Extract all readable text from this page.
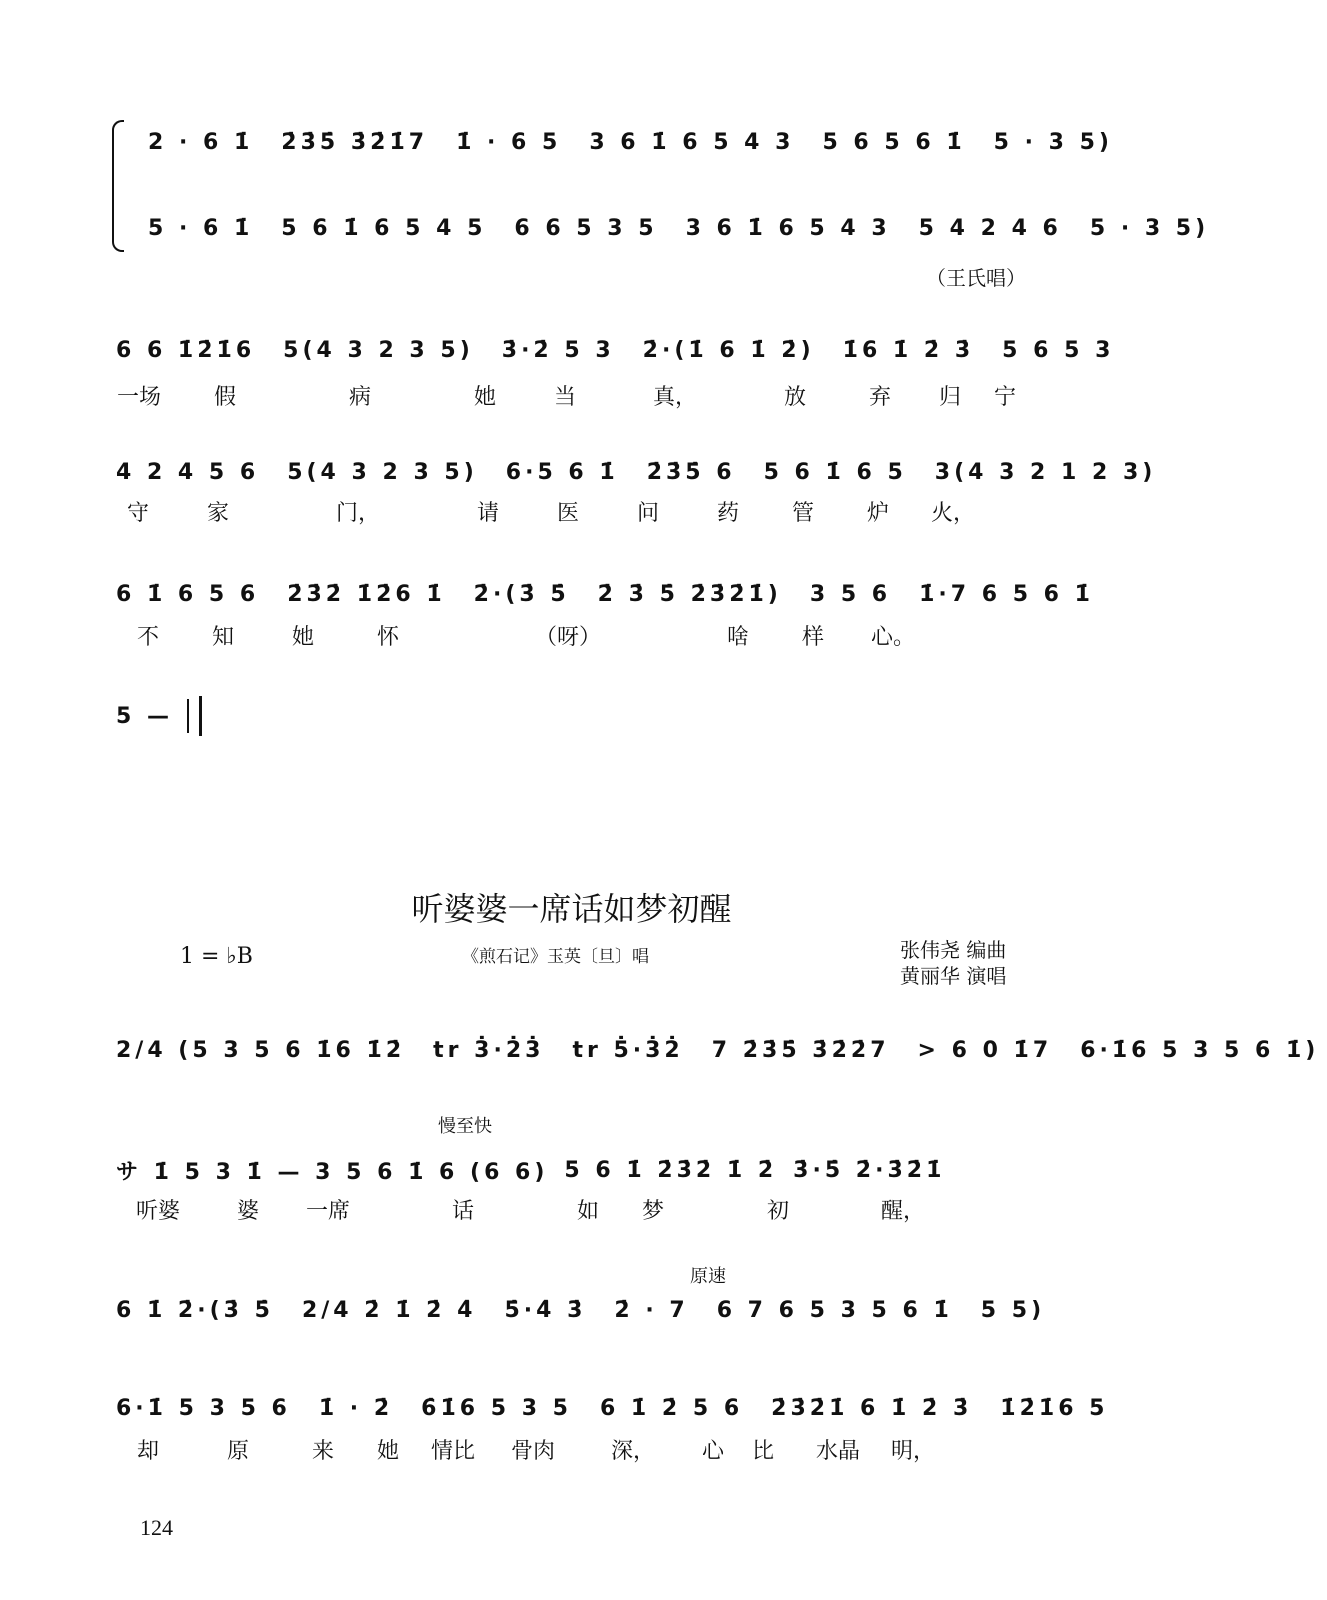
2 · 6 1̇	2̇3̇5̇ 3̇2̇1̇7	1̇ · 6 5	3 6 1̇ 6 5 4 3	5 6 5 6 1̇	5 · 3 5)
5 · 6 1̇	5 6 1̇ 6 5 4 5	6 6 5 3 5	3 6 1̇ 6 5 4 3	5 4 2 4 6	5 · 3 5)
（王氏唱）
6 6 1̇2̇1̇6	5(4 3 2 3 5)	3̇·2̇ 5 3	2̇·(1̇ 6 1̇ 2̇)	1̇6 1̇ 2̇ 3̇	5 6 5 3
一场	假	病	她	当	真，	放	弃	归	宁
4 2 4 5 6	5(4 3 2 3 5)	6·5 6 1̇	2̇3̇5̇ 6	5 6 1̇ 6 5	3(4 3 2 1 2 3)
守	家	门，	请	医	问	药	管	炉	火，
6 1̇ 6 5 6	2̇3̇2̇ 1̇2̇6 1̇	2̇·(3̇ 5̇	2̇ 3̇ 5̇ 2̇3̇2̇1̇)	3 5 6	1̇·7 6 5 6 1̇
不	知	她	怀	（呀）	啥	样	心。
5 —
听婆婆一席话如梦初醒
1 = ♭B	《煎石记》玉英〔旦〕唱	张伟尧 编曲
黄丽华 演唱
2/4 (5 3 5 6 1̇6 1̇2̇	tr 3̇·2̇3̇	tr 5̇·3̇2̇	7 2̇3̇5̇ 3̇2̇2̇7	> 6 0 1̇7	6·1̇6 5 3 5 6 1̇)
慢至快
サ 1̇ 5 3 1̇ — 3 5 6 1̇ 6 (6 6) 5 6 1̇ 2̇3̇2̇ 1̇ 2̇ 3̇·5̇ 2̇·3̇2̇1̇
听婆	婆	一席	话	如	梦	初	醒，
原速
6 1̇ 2̇·(3̇ 5̇	2/4 2̇ 1̇ 2̇ 4̇	5̇·4̇ 3̇	2̇ · 7	6 7 6 5 3 5 6 1̇	5 5)
6·1̇ 5 3 5 6	1̇ · 2̇	6̇1̇6 5 3 5	6 1̇ 2̇ 5 6	2̇3̇2̇1̇ 6 1̇ 2̇ 3̇	1̇2̇1̇6 5
却	原	来	她	情比	骨肉	深，	心	比	水晶	明，
124
